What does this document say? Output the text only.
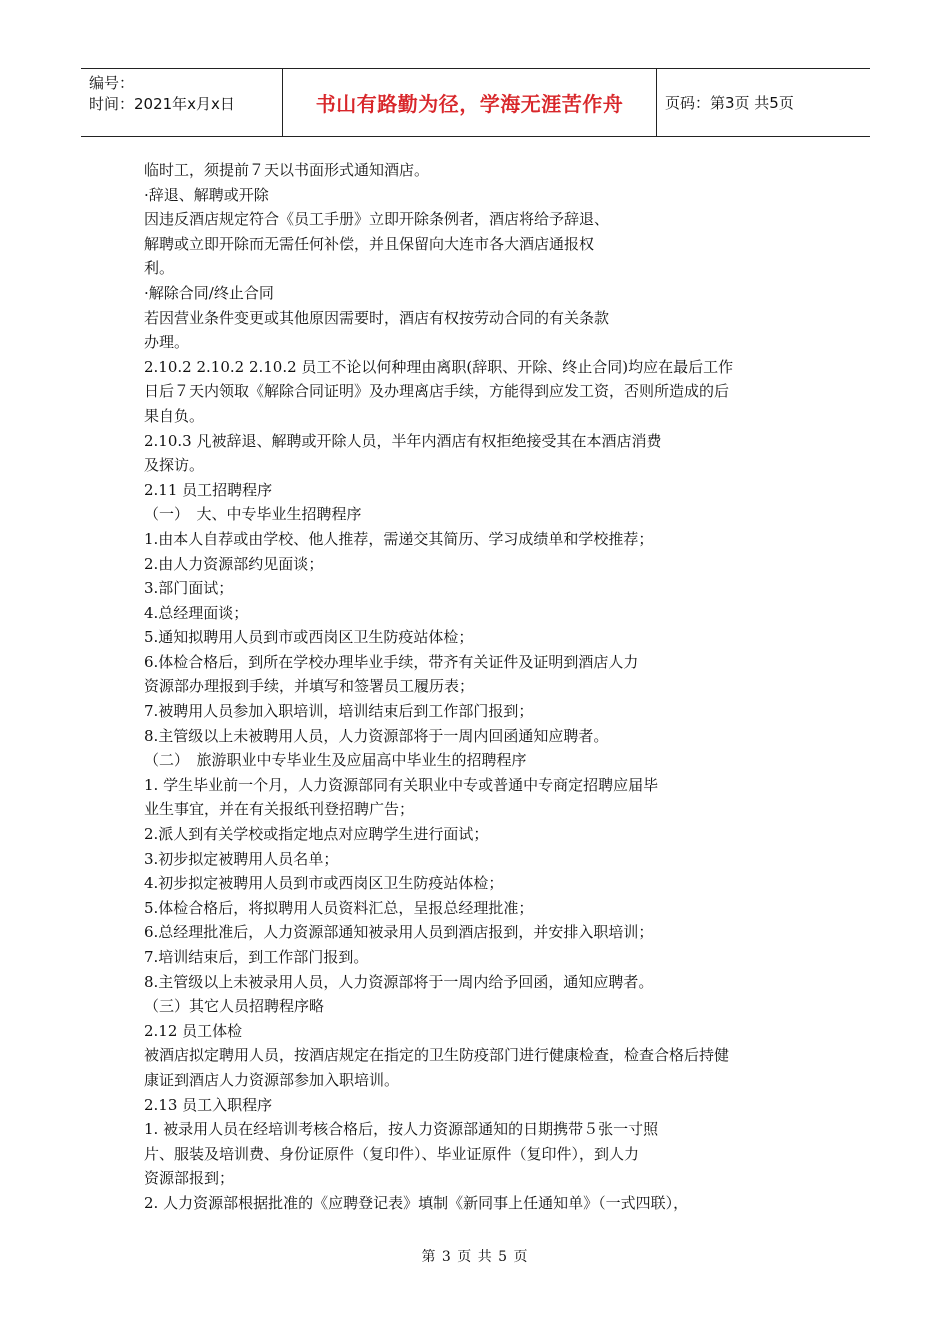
编号：
时间：2021年x月x日	书山有路勤为径，学海无涯苦作舟	页码：第3页 共5页
临时工，须提前７天以书面形式通知酒店。
·辞退、解聘或开除
因违反酒店规定符合《员工手册》立即开除条例者，酒店将给予辞退、
解聘或立即开除而无需任何补偿，并且保留向大连市各大酒店通报权
利。
·解除合同/终止合同
若因营业条件变更或其他原因需要时，酒店有权按劳动合同的有关条款
办理。
2.10.2 2.10.2 2.10.2 员工不论以何种理由离职(辞职、开除、终止合同)均应在最后工作
日后７天内领取《解除合同证明》及办理离店手续，方能得到应发工资，否则所造成的后
果自负。
2.10.3 凡被辞退、解聘或开除人员，半年内酒店有权拒绝接受其在本酒店消费
及探访。
2.11 员工招聘程序
（一）　大、中专毕业生招聘程序
1.由本人自荐或由学校、他人推荐，需递交其简历、学习成绩单和学校推荐；
2.由人力资源部约见面谈；
3.部门面试；
4.总经理面谈；
5.通知拟聘用人员到市或西岗区卫生防疫站体检；
6.体检合格后，到所在学校办理毕业手续，带齐有关证件及证明到酒店人力
资源部办理报到手续，并填写和签署员工履历表；
7.被聘用人员参加入职培训，培训结束后到工作部门报到；
8.主管级以上未被聘用人员，人力资源部将于一周内回函通知应聘者。
（二）　旅游职业中专毕业生及应届高中毕业生的招聘程序
1. 学生毕业前一个月，人力资源部同有关职业中专或普通中专商定招聘应届毕
业生事宜，并在有关报纸刊登招聘广告；
2.派人到有关学校或指定地点对应聘学生进行面试；
3.初步拟定被聘用人员名单；
4.初步拟定被聘用人员到市或西岗区卫生防疫站体检；
5.体检合格后，将拟聘用人员资料汇总，呈报总经理批准；
6.总经理批准后，人力资源部通知被录用人员到酒店报到，并安排入职培训；
7.培训结束后，到工作部门报到。
8.主管级以上未被录用人员，人力资源部将于一周内给予回函，通知应聘者。
（三）其它人员招聘程序略
2.12 员工体检
被酒店拟定聘用人员，按酒店规定在指定的卫生防疫部门进行健康检查，检查合格后持健
康证到酒店人力资源部参加入职培训。
2.13 员工入职程序
1. 被录用人员在经培训考核合格后，按人力资源部通知的日期携带５张一寸照
片、服装及培训费、身份证原件（复印件）、毕业证原件（复印件），到人力
资源部报到；
2. 人力资源部根据批准的《应聘登记表》填制《新同事上任通知单》（一式四联），
第 3 页 共 5 页
